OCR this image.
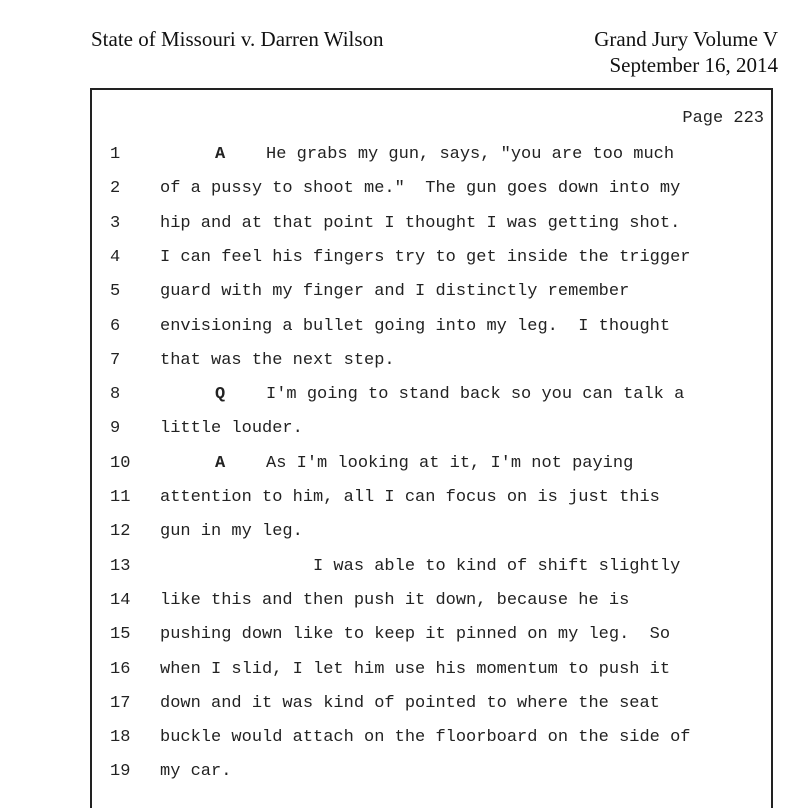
State of Missouri v. Darren Wilson	Grand Jury Volume V
September 16, 2014
Page 223
1	A He grabs my gun, says, "you are too much
2	of a pussy to shoot me."  The gun goes down into my
3	hip and at that point I thought I was getting shot.
4	I can feel his fingers try to get inside the trigger
5	guard with my finger and I distinctly remember
6	envisioning a bullet going into my leg.  I thought
7	that was the next step.
8	Q I'm going to stand back so you can talk a
9	little louder.
10	A As I'm looking at it, I'm not paying
11	attention to him, all I can focus on is just this
12	gun in my leg.
13	I was able to kind of shift slightly
14	like this and then push it down, because he is
15	pushing down like to keep it pinned on my leg.  So
16	when I slid, I let him use his momentum to push it
17	down and it was kind of pointed to where the seat
18	buckle would attach on the floorboard on the side of
19	my car.
